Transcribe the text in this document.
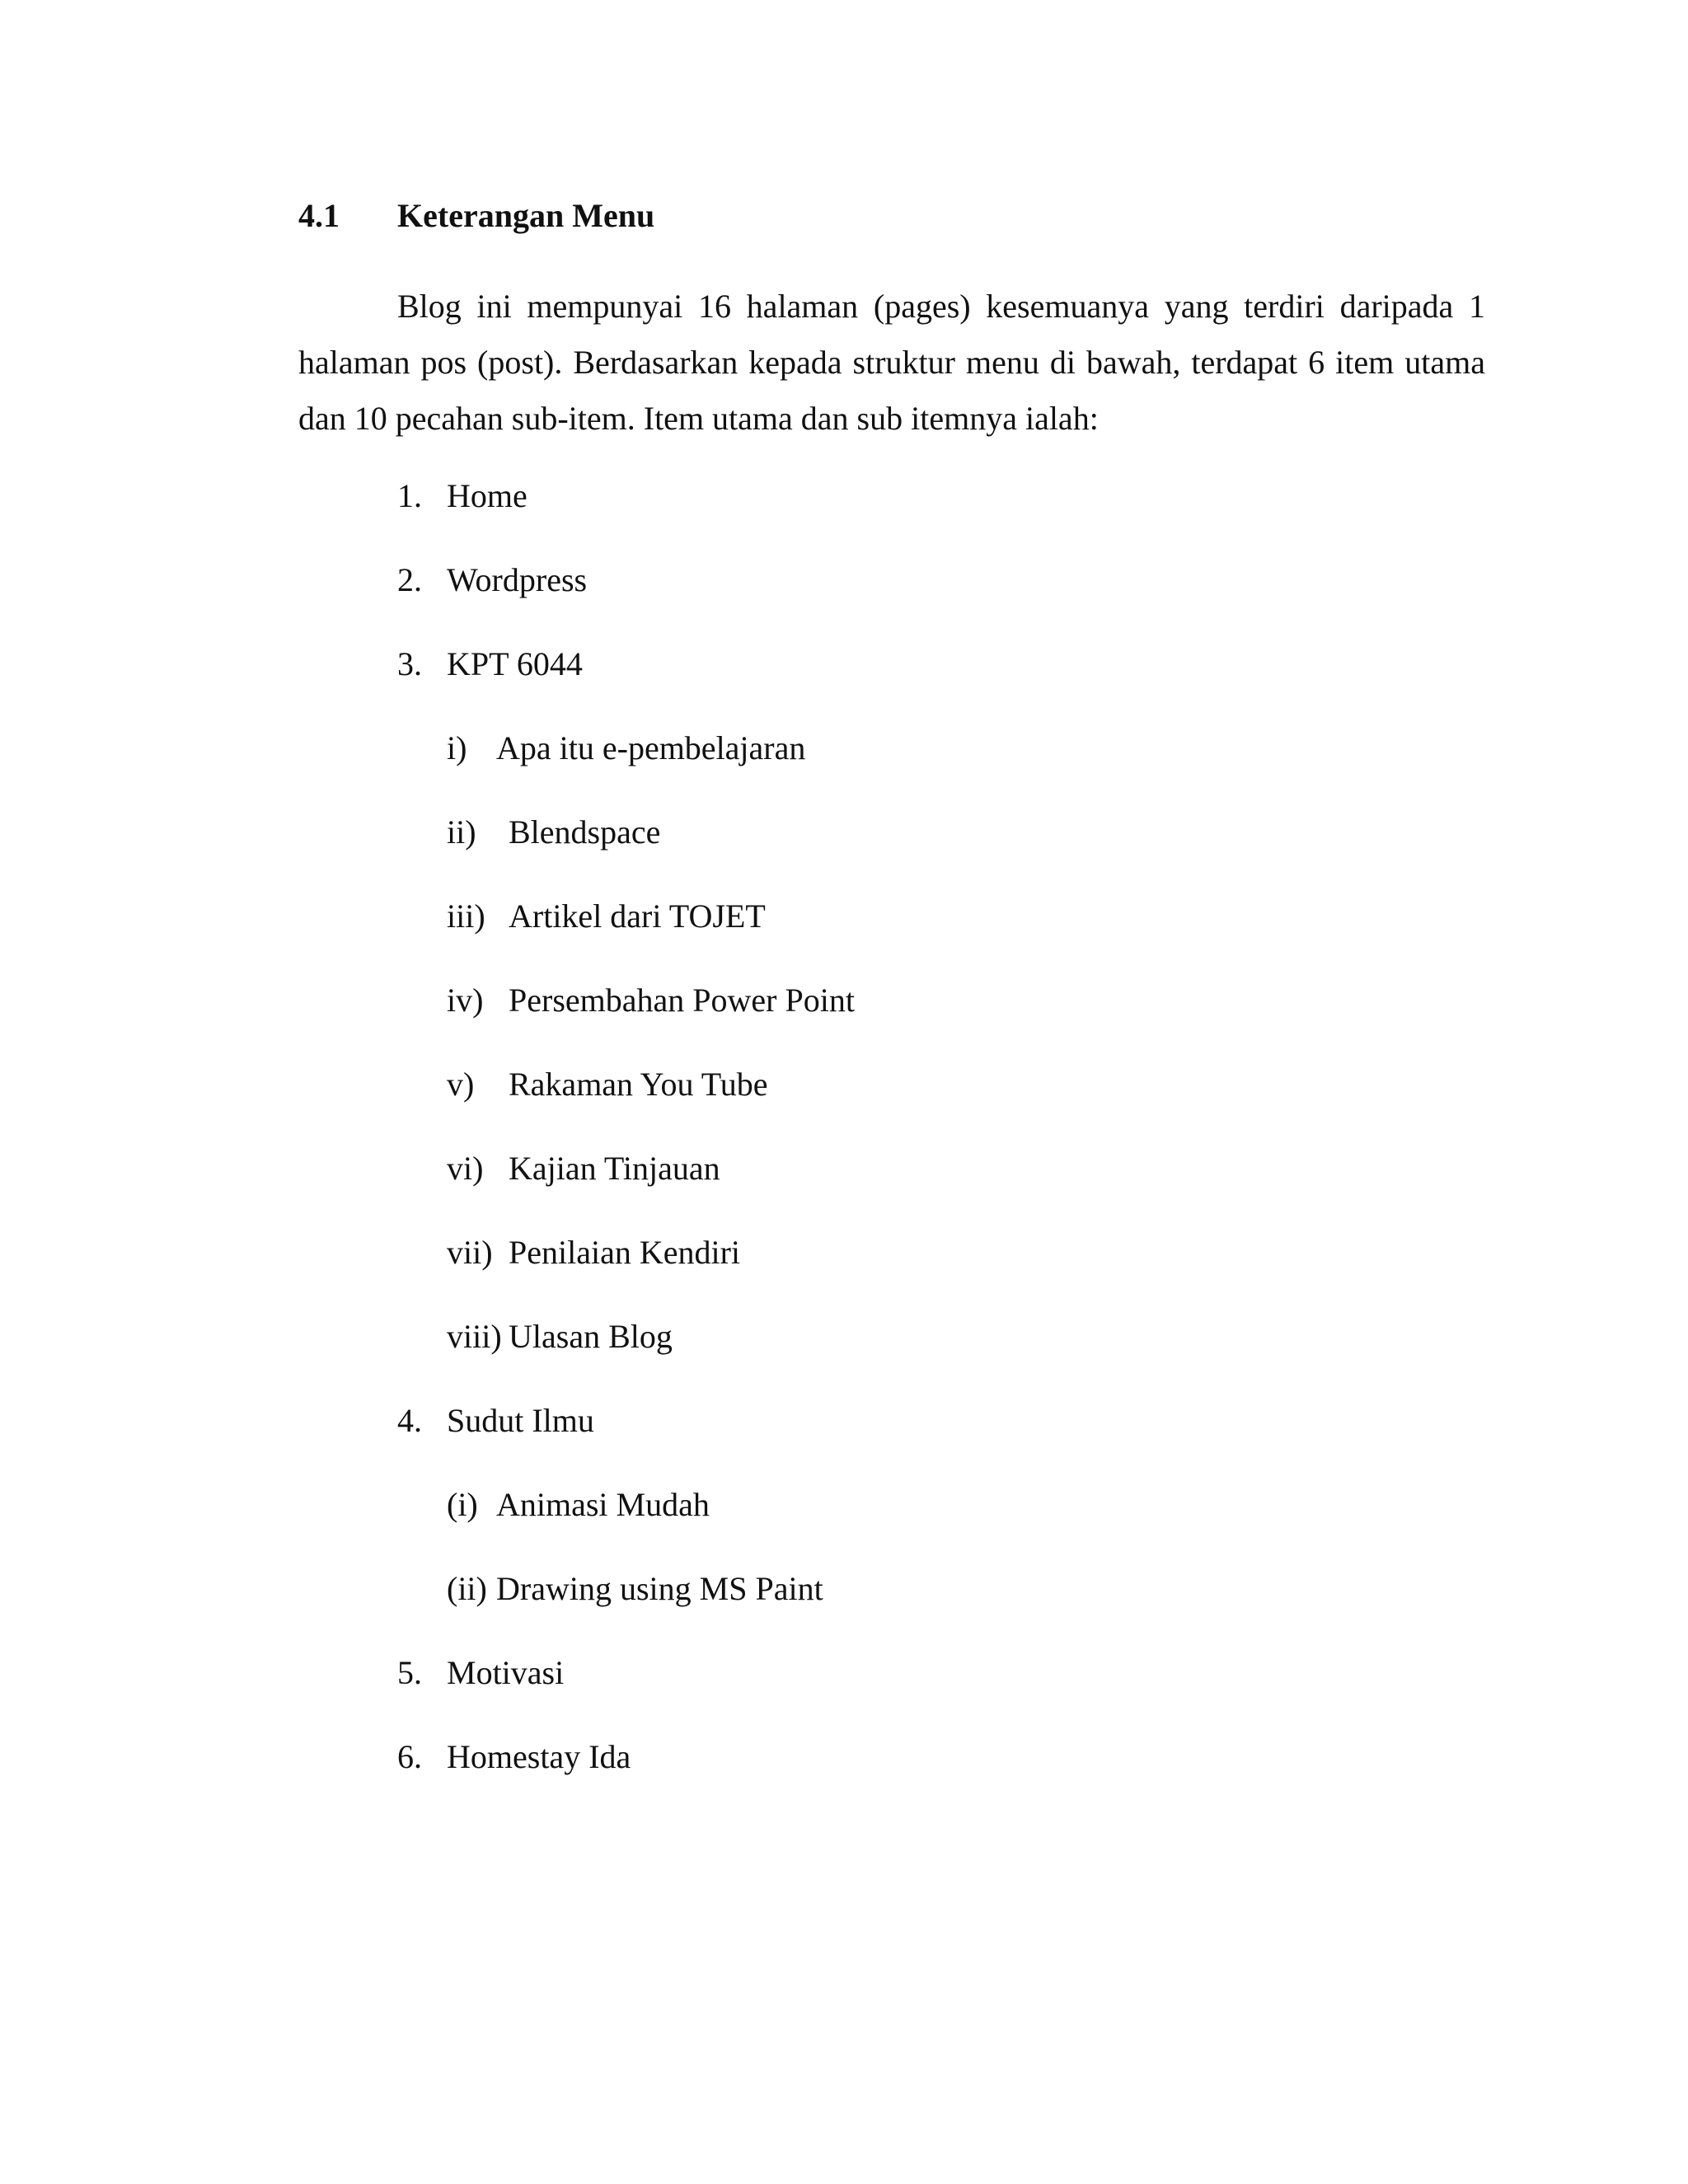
4.1 Keterangan Menu

Blog ini mempunyai 16 halaman (pages) kesemuanya yang terdiri daripada 1 halaman pos (post). Berdasarkan kepada struktur menu di bawah, terdapat 6 item utama dan 10 pecahan sub-item. Item utama dan sub itemnya ialah:

1. Home
2. Wordpress
3. KPT 6044
i) Apa itu e-pembelajaran
ii) Blendspace
iii) Artikel dari TOJET
iv) Persembahan Power Point
v) Rakaman You Tube
vi) Kajian Tinjauan
vii) Penilaian Kendiri
viii) Ulasan Blog
4. Sudut Ilmu
(i) Animasi Mudah
(ii) Drawing using MS Paint
5. Motivasi
6. Homestay Ida
